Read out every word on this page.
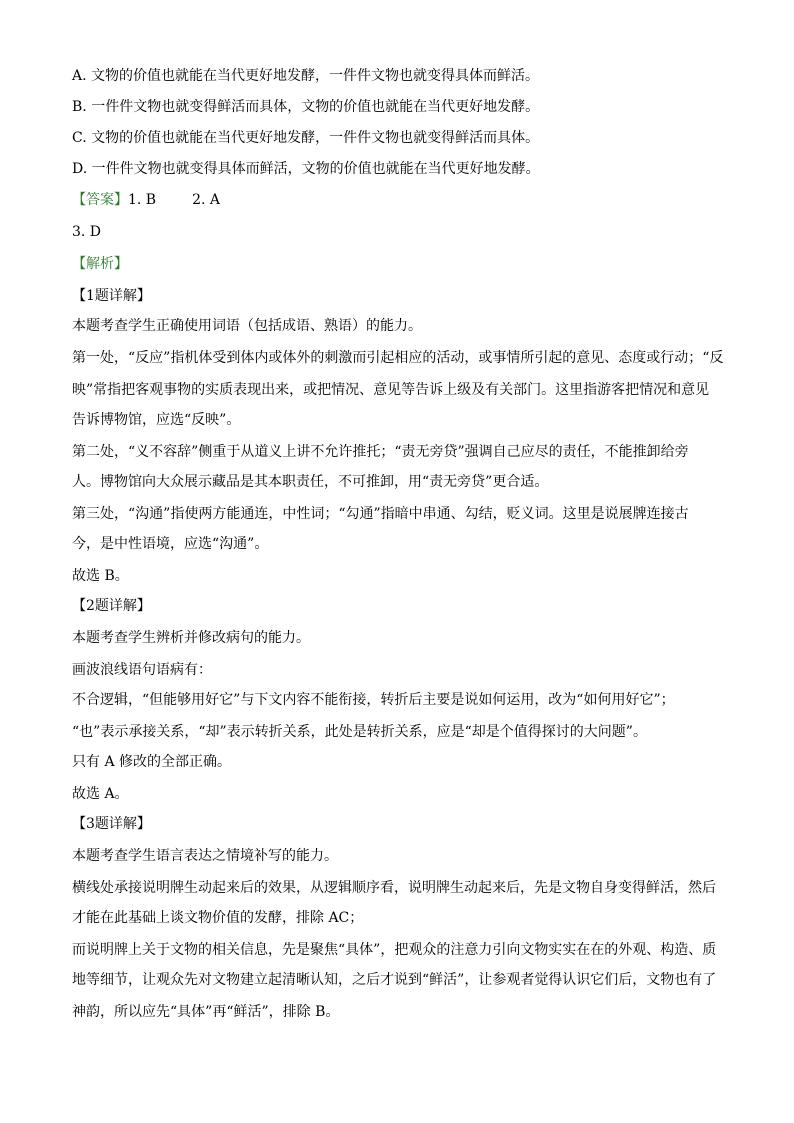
A. 文物的价值也就能在当代更好地发酵，一件件文物也就变得具体而鲜活。
B. 一件件文物也就变得鲜活而具体，文物的价值也就能在当代更好地发酵。
C. 文物的价值也就能在当代更好地发酵，一件件文物也就变得鲜活而具体。
D. 一件件文物也就变得具体而鲜活，文物的价值也就能在当代更好地发酵。
【答案】1. B	2. A
3. D
【解析】
【1题详解】
本题考查学生正确使用词语（包括成语、熟语）的能力。
第一处，“反应”指机体受到体内或体外的刺激而引起相应的活动，或事情所引起的意见、态度或行动；“反
映”常指把客观事物的实质表现出来，或把情况、意见等告诉上级及有关部门。这里指游客把情况和意见
告诉博物馆，应选“反映”。
第二处，“义不容辞”侧重于从道义上讲不允许推托；“责无旁贷”强调自己应尽的责任，不能推卸给旁
人。博物馆向大众展示藏品是其本职责任，不可推卸，用“责无旁贷”更合适。
第三处，“沟通”指使两方能通连，中性词；“勾通”指暗中串通、勾结，贬义词。这里是说展牌连接古
今，是中性语境，应选“沟通”。
故选 B。
【2题详解】
本题考查学生辨析并修改病句的能力。
画波浪线语句语病有：
不合逻辑，“但能够用好它”与下文内容不能衔接，转折后主要是说如何运用，改为“如何用好它”；
“也”表示承接关系，“却”表示转折关系，此处是转折关系，应是“却是个值得探讨的大问题”。
只有 A 修改的全部正确。
故选 A。
【3题详解】
本题考查学生语言表达之情境补写的能力。
横线处承接说明牌生动起来后的效果，从逻辑顺序看，说明牌生动起来后，先是文物自身变得鲜活，然后
才能在此基础上谈文物价值的发酵，排除 AC；
而说明牌上关于文物的相关信息，先是聚焦“具体”，把观众的注意力引向文物实实在在的外观、构造、质
地等细节，让观众先对文物建立起清晰认知，之后才说到“鲜活”，让参观者觉得认识它们后，文物也有了
神韵，所以应先“具体”再“鲜活”，排除 B。
